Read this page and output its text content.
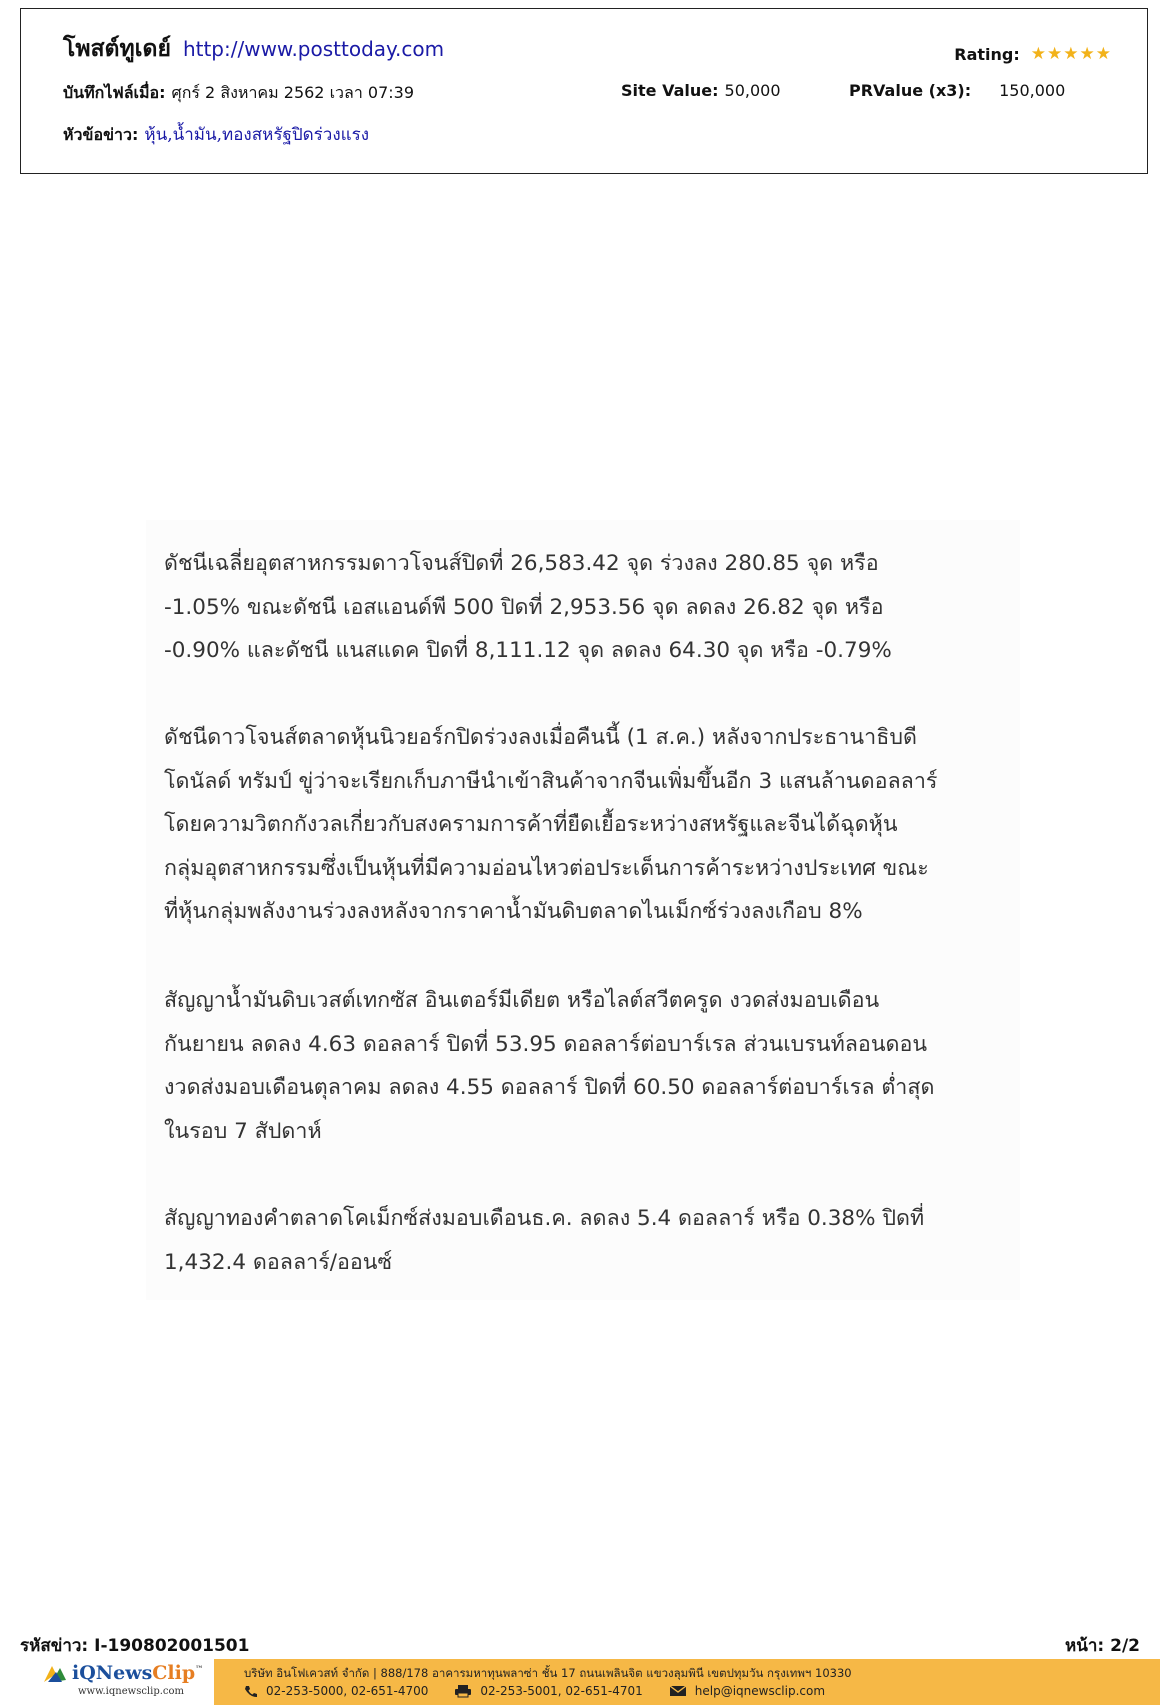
โพสต์ทูเดย์ http://www.posttoday.com	Rating: ★ ★ ★ ★ ★
บันทึกไฟล์เมื่อ: ศุกร์ 2 สิงหาคม 2562 เวลา 07:39	Site Value: 50,000	PRValue (x3): 150,000
หัวข้อข่าว: หุ้น,น้ำมัน,ทองสหรัฐปิดร่วงแรง
ดัชนีเฉลี่ยอุตสาหกรรมดาวโจนส์ปิดที่ 26,583.42 จุด ร่วงลง 280.85 จุด หรือ
-1.05% ขณะดัชนี เอสแอนด์พี 500 ปิดที่ 2,953.56 จุด ลดลง 26.82 จุด หรือ
-0.90% และดัชนี แนสแดค ปิดที่ 8,111.12 จุด ลดลง 64.30 จุด หรือ -0.79%
ดัชนีดาวโจนส์ตลาดหุ้นนิวยอร์กปิดร่วงลงเมื่อคืนนี้ (1 ส.ค.) หลังจากประธานาธิบดี
โดนัลด์ ทรัมป์ ขู่ว่าจะเรียกเก็บภาษีนำเข้าสินค้าจากจีนเพิ่มขึ้นอีก 3 แสนล้านดอลลาร์
โดยความวิตกกังวลเกี่ยวกับสงครามการค้าที่ยืดเยื้อระหว่างสหรัฐและจีนได้ฉุดหุ้น
กลุ่มอุตสาหกรรมซึ่งเป็นหุ้นที่มีความอ่อนไหวต่อประเด็นการค้าระหว่างประเทศ ขณะ
ที่หุ้นกลุ่มพลังงานร่วงลงหลังจากราคาน้ำมันดิบตลาดไนเม็กซ์ร่วงลงเกือบ 8%
สัญญาน้ำมันดิบเวสต์เทกซัส อินเตอร์มีเดียต หรือไลต์สวีตครูด งวดส่งมอบเดือน
กันยายน ลดลง 4.63 ดอลลาร์ ปิดที่ 53.95 ดอลลาร์ต่อบาร์เรล ส่วนเบรนท์ลอนดอน
งวดส่งมอบเดือนตุลาคม ลดลง 4.55 ดอลลาร์ ปิดที่ 60.50 ดอลลาร์ต่อบาร์เรล ต่ำสุด
ในรอบ 7 สัปดาห์
สัญญาทองคำตลาดโคเม็กซ์ส่งมอบเดือนธ.ค. ลดลง 5.4 ดอลลาร์ หรือ 0.38% ปิดที่
1,432.4 ดอลลาร์/ออนซ์
รหัสข่าว: I-190802001501	หน้า: 2/2
iQNewsClip™
www.iqnewsclip.com
บริษัท อินโฟเควสท์ จำกัด | 888/178 อาคารมหาทุนพลาซ่า ชั้น 17 ถนนเพลินจิต แขวงลุมพินี เขตปทุมวัน กรุงเทพฯ 10330
02-253-5000, 02-651-4700	02-253-5001, 02-651-4701	help@iqnewsclip.com
